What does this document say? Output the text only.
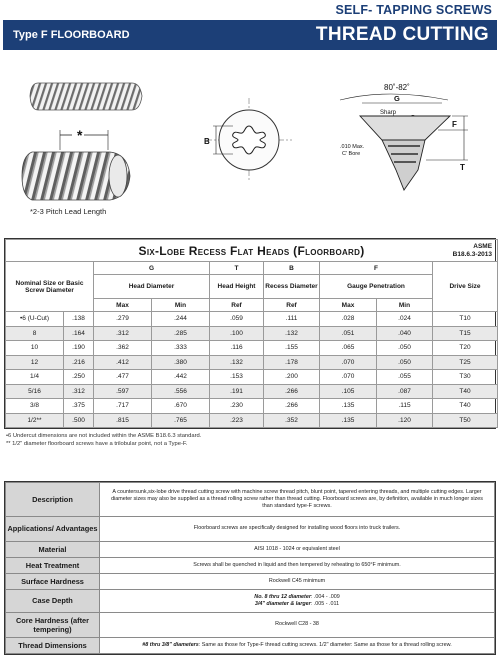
SELF- TAPPING SCREWS
Type F FLOORBOARD	THREAD CUTTING
*	B
80˚-82˚
G
Sharp
F
T
.010 Max.
C' Bore
*2-3 Pitch Lead Length
Six-Lobe Recess Flat Heads (Floorboard) ASME
B18.6.3-2013								

Nominal Size or Basic Screw Diameter		G		T	B	F		Drive Size
		Head Diameter		Head Height	Recess Diameter	Gauge Penetration		
		Max	Min	Ref	Ref	Max	Min	
•6 (U-Cut)	.138	.279	.244	.059	.111	.028	.024	T10
8	.164	.312	.285	.100	.132	.051	.040	T15
10	.190	.362	.333	.116	.155	.065	.050	T20
12	.216	.412	.380	.132	.178	.070	.050	T25
1/4	.250	.477	.442	.153	.200	.070	.055	T30
5/16	.312	.597	.556	.191	.266	.105	.087	T40
3/8	.375	.717	.670	.230	.266	.135	.115	T40
1/2**	.500	.815	.765	.223	.352	.135	.120	T50
•6 Undercut dimensions are not included within the ASME B18.6.3 standard.
** 1/2" diameter floorboard screws have a trilobular point, not a Type-F.
Description	A countersunk,six-lobe drive thread cutting screw with machine screw thread pitch, blunt point, tapered entering threads, and multiple cutting edges. Larger diameter sizes may also be supplied as a thread rolling screw rather than thread cutting. Floorboard screws are, by definition, available in much longer sizes than standard type-F screws.
Applications/ Advantages	Floorboard screws are specifically designed for installing wood floors into truck trailers.
Material	AISI 1018 - 1024 or equivalent steel
Heat Treatment	Screws shall be quenched in liquid and then tempered by reheating to 650°F minimum.
Surface Hardness	Rockwell C45 minimum
Case Depth	No. 8 thru 12 diameter: .004 - .009
3/4" diameter & larger: .005 - .011
Core Hardness (after tempering)	Rockwell C28 - 38
Thread Dimensions	#8 thru 3/8" diameters: Same as those for Type-F thread cutting screws. 1/2" diameter: Same as those for a thread rolling screw.
